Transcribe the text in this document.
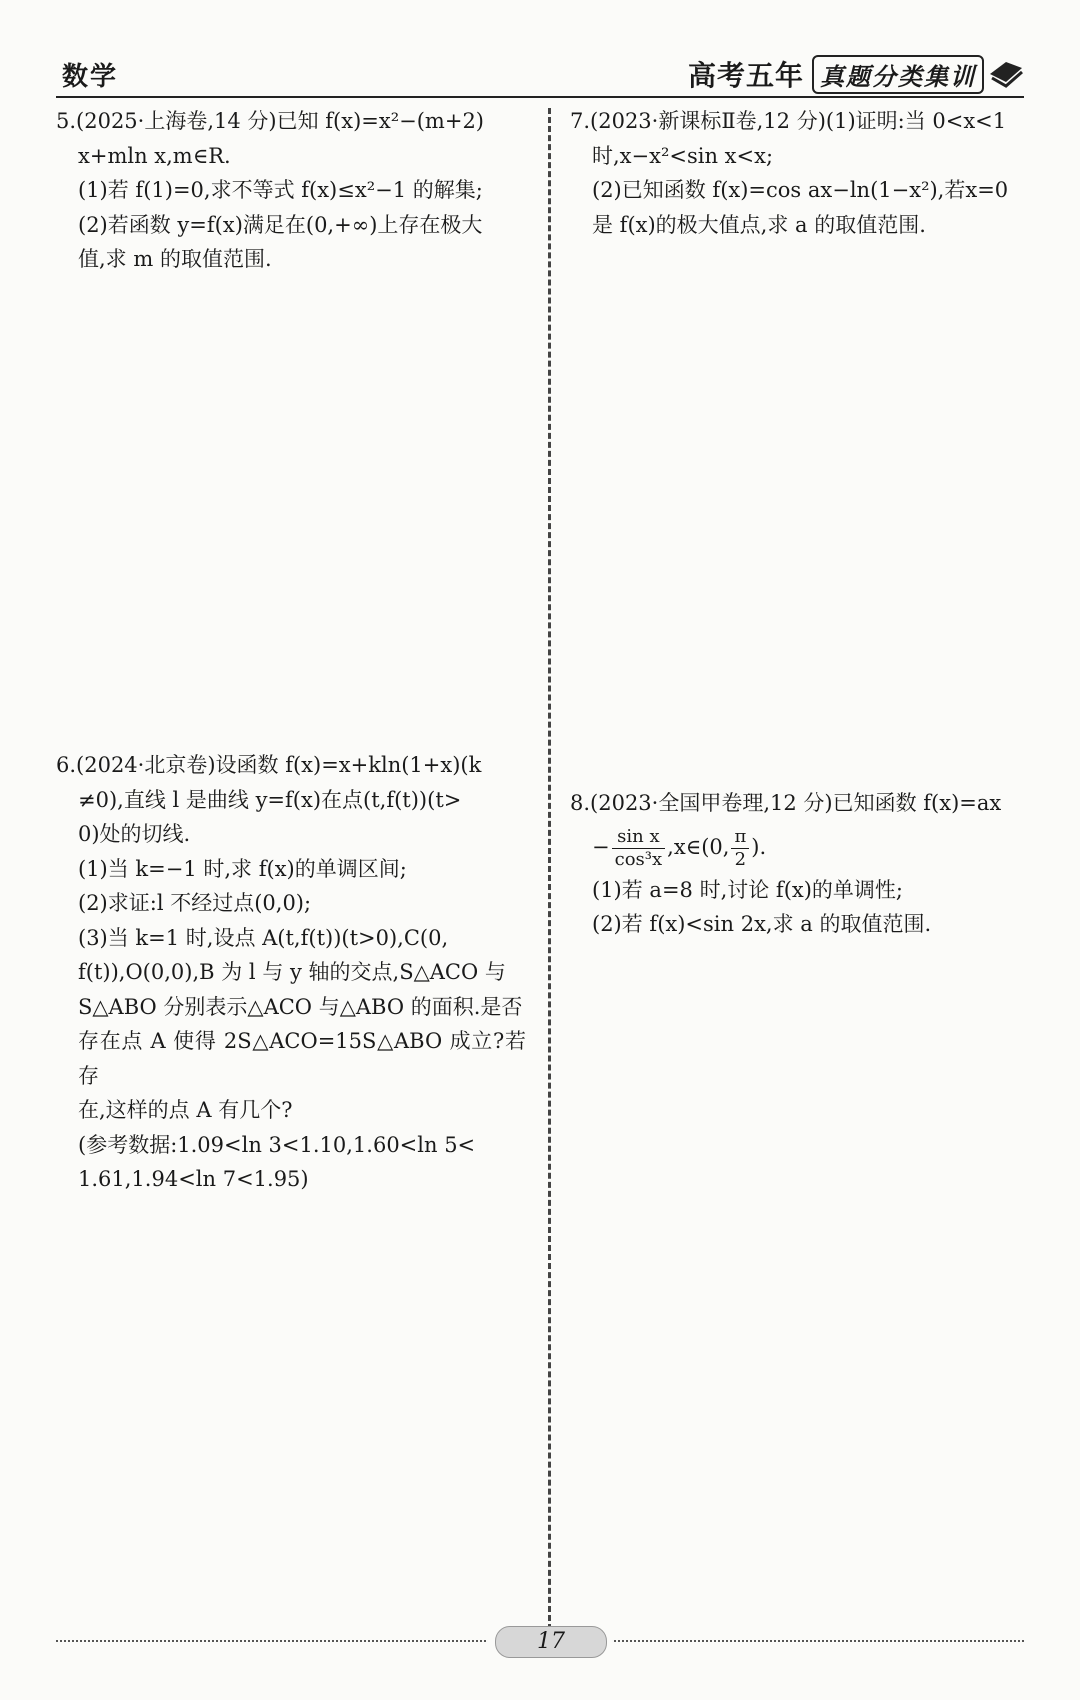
数学	高考五年 真题分类集训

5.(2025·上海卷,14 分)已知 f(x)=x²−(m+2)

x+mln x,m∈R.

(1)若 f(1)=0,求不等式 f(x)≤x²−1 的解集;

(2)若函数 y=f(x)满足在(0,+∞)上存在极大

值,求 m 的取值范围.

7.(2023·新课标Ⅱ卷,12 分)(1)证明:当 0<x<1

时,x−x²<sin x<x;

(2)已知函数 f(x)=cos ax−ln(1−x²),若x=0

是 f(x)的极大值点,求 a 的取值范围.

6.(2024·北京卷)设函数 f(x)=x+kln(1+x)(k

≠0),直线 l 是曲线 y=f(x)在点(t,f(t))(t>

0)处的切线.

(1)当 k=−1 时,求 f(x)的单调区间;

(2)求证:l 不经过点(0,0);

(3)当 k=1 时,设点 A(t,f(t))(t>0),C(0,

f(t)),O(0,0),B 为 l 与 y 轴的交点,S△ACO 与

S△ABO 分别表示△ACO 与△ABO 的面积.是否

存在点 A 使得 2S△ACO=15S△ABO 成立?若存

在,这样的点 A 有几个?

(参考数据:1.09<ln 3<1.10,1.60<ln 5<

1.61,1.94<ln 7<1.95)

8.(2023·全国甲卷理,12 分)已知函数 f(x)=ax

− $\frac{\text{sin x}}{\text{cos³x}}$ ,x∈(0, $\frac{\pi}{2}$ ).

(1)若 a=8 时,讨论 f(x)的单调性;

(2)若 f(x)<sin 2x,求 a 的取值范围.

17
